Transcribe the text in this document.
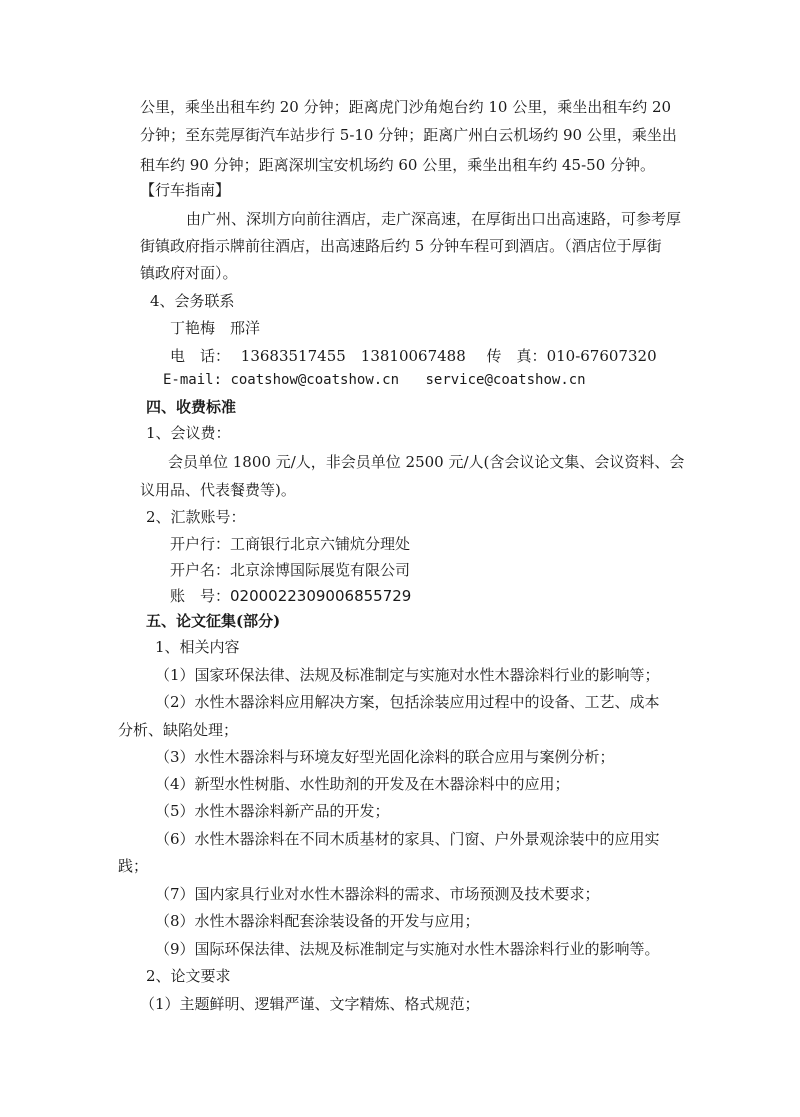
公里，乘坐出租车约 20 分钟；距离虎门沙角炮台约 10 公里，乘坐出租车约 20
分钟；至东莞厚街汽车站步行 5-10 分钟；距离广州白云机场约 90 公里，乘坐出
租车约 90 分钟；距离深圳宝安机场约 60 公里，乘坐出租车约 45-50 分钟。
【行车指南】
由广州、深圳方向前往酒店，走广深高速，在厚街出口出高速路，可参考厚
街镇政府指示牌前往酒店，出高速路后约 5 分钟车程可到酒店。（酒店位于厚街
镇政府对面）。
4、会务联系
丁艳梅　邢洋
电　话： 13683517455　13810067488 传　真：010-67607320
E-mail: coatshow@coatshow.cn service@coatshow.cn
四、收费标准
1、会议费：
会员单位 1800 元/人，非会员单位 2500 元/人(含会议论文集、会议资料、会
议用品、代表餐费等)。
2、汇款账号：
开户行：工商银行北京六铺炕分理处
开户名：北京涂博国际展览有限公司
账　号：0200022309006855729
五、论文征集(部分)
1、相关内容
（1）国家环保法律、法规及标准制定与实施对水性木器涂料行业的影响等；
（2）水性木器涂料应用解决方案，包括涂装应用过程中的设备、工艺、成本
分析、缺陷处理；
（3）水性木器涂料与环境友好型光固化涂料的联合应用与案例分析；
（4）新型水性树脂、水性助剂的开发及在木器涂料中的应用；
（5）水性木器涂料新产品的开发；
（6）水性木器涂料在不同木质基材的家具、门窗、户外景观涂装中的应用实
践；
（7）国内家具行业对水性木器涂料的需求、市场预测及技术要求；
（8）水性木器涂料配套涂装设备的开发与应用；
（9）国际环保法律、法规及标准制定与实施对水性木器涂料行业的影响等。
2、论文要求
（1）主题鲜明、逻辑严谨、文字精炼、格式规范；
